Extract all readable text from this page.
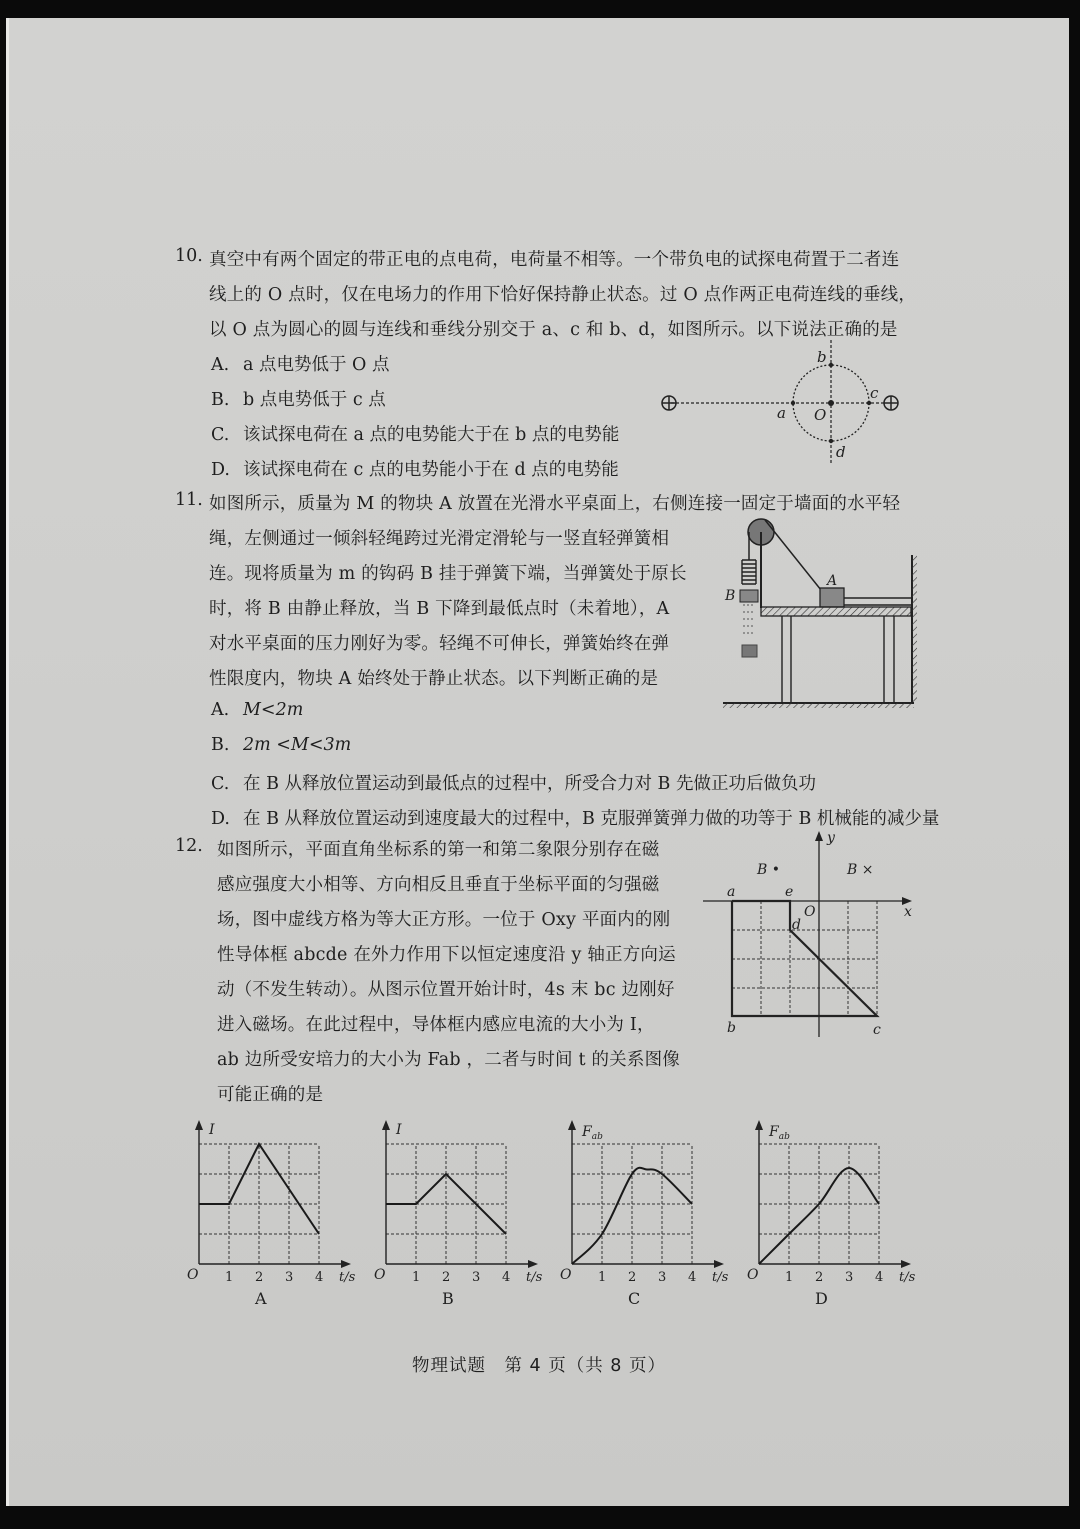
10. 真空中有两个固定的带正电的点电荷，电荷量不相等。一个带负电的试探电荷置于二者连
线上的 O 点时，仅在电场力的作用下恰好保持静止状态。过 O 点作两正电荷连线的垂线，
以 O 点为圆心的圆与连线和垂线分别交于 a、c 和 b、d，如图所示。以下说法正确的是
A. a 点电势低于 O 点
B. b 点电势低于 c 点
C. 该试探电荷在 a 点的电势能大于在 b 点的电势能
D. 该试探电荷在 c 点的电势能小于在 d 点的电势能
b
a O
c
d
11. 如图所示，质量为 M 的物块 A 放置在光滑水平桌面上，右侧连接一固定于墙面的水平轻
绳，左侧通过一倾斜轻绳跨过光滑定滑轮与一竖直轻弹簧相
连。现将质量为 m 的钩码 B 挂于弹簧下端，当弹簧处于原长
时，将 B 由静止释放，当 B 下降到最低点时（未着地），A
对水平桌面的压力刚好为零。轻绳不可伸长，弹簧始终在弹
性限度内，物块 A 始终处于静止状态。以下判断正确的是
A. M<2m
B. 2m <M<3m
C. 在 B 从释放位置运动到最低点的过程中，所受合力对 B 先做正功后做负功
D. 在 B 从释放位置运动到速度最大的过程中，B 克服弹簧弹力做的功等于 B 机械能的减少量
B
A
12. 如图所示，平面直角坐标系的第一和第二象限分别存在磁
感应强度大小相等、方向相反且垂直于坐标平面的匀强磁
场，图中虚线方格为等大正方形。一位于 Oxy 平面内的刚
性导体框 abcde 在外力作用下以恒定速度沿 y 轴正方向运
动（不发生转动）。从图示位置开始计时，4s 末 bc 边刚好
进入磁场。在此过程中，导体框内感应电流的大小为 I，
ab 边所受安培力的大小为 Fab ，二者与时间 t 的关系图像
可能正确的是
y
x
a	e
O
d
b	c
B •	B ×
O 1 2 3 4 t/s
I
A
O 1 2 3 4 t/s
I
B
O 1 2 3 4 t/s
$F_{ab}$
C
O 1 2 3 4 t/s
$F_{ab}$
D
物理试题　第 4 页（共 8 页）
